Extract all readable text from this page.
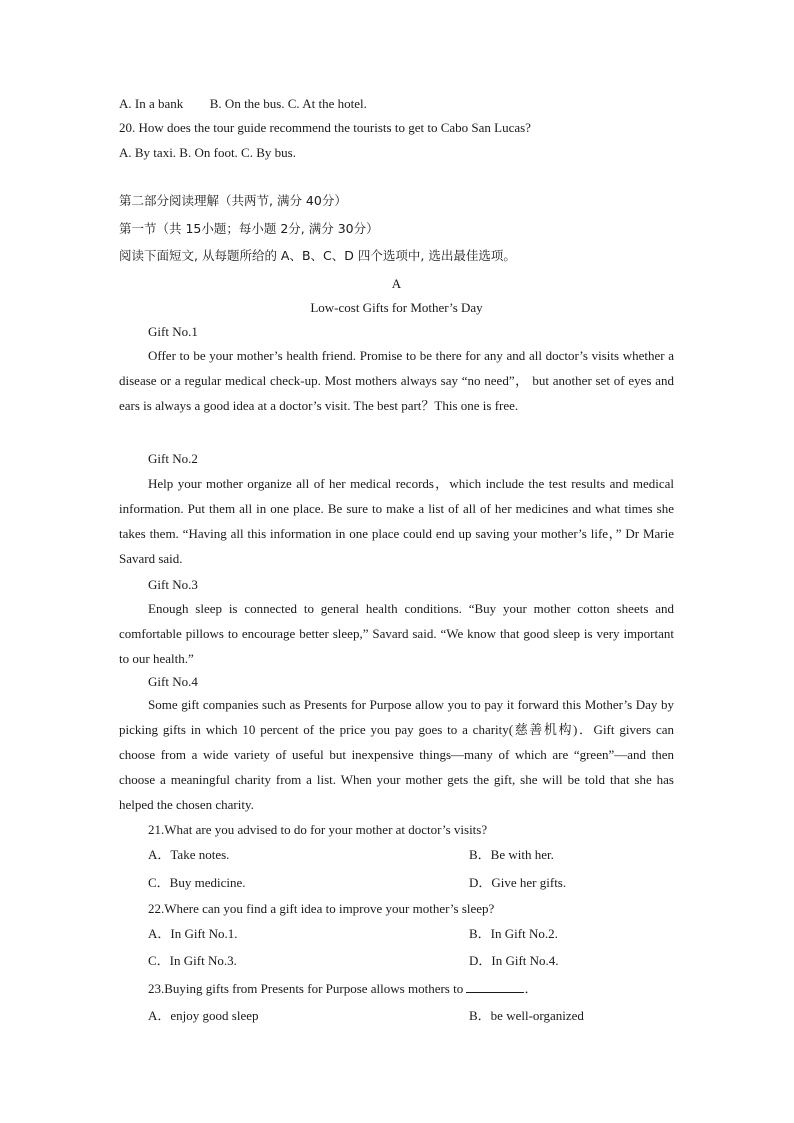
A. In a bank B. On the bus. C. At the hotel.
20. How does the tour guide recommend the tourists to get to Cabo San Lucas?
A. By taxi. B. On foot. C. By bus.
第二部分阅读理解（共两节, 满分 40分）
第一节（共 15小题；每小题 2分, 满分 30分）
阅读下面短文, 从每题所给的 A、B、C、D 四个选项中, 选出最佳选项。
A
Low-cost Gifts for Mother’s Day
Gift No.1
Offer to be your mother’s health friend. Promise to be there for any and all doctor’s visits whether a disease or a regular medical check-up. Most mothers always say “no need”， but another set of eyes and ears is always a good idea at a doctor’s visit. The best part？This one is free.
Gift No.2
Help your mother organize all of her medical records，which include the test results and medical information. Put them all in one place. Be sure to make a list of all of her medicines and what times she takes them. “Having all this information in one place could end up saving your mother’s life，” Dr Marie Savard said.
Gift No.3
Enough sleep is connected to general health conditions. “Buy your mother cotton sheets and comfortable pillows to encourage better sleep,” Savard said. “We know that good sleep is very important to our health.”
Gift No.4
Some gift companies such as Presents for Purpose allow you to pay it forward this Mother’s Day by picking gifts in which 10 percent of the price you pay goes to a charity(慈善机构)．Gift givers can choose from a wide variety of useful but inexpensive things—many of which are “green”—and then choose a meaningful charity from a list. When your mother gets the gift, she will be told that she has helped the chosen charity.
21.What are you advised to do for your mother at doctor’s visits?
A．Take notes.	B．Be with her.
C．Buy medicine.	D．Give her gifts.
22.Where can you find a gift idea to improve your mother’s sleep?
A．In Gift No.1.	B．In Gift No.2.
C．In Gift No.3.	D．In Gift No.4.
23.Buying gifts from Presents for Purpose allows mothers to	．
A．enjoy good sleep	B．be well-organized
